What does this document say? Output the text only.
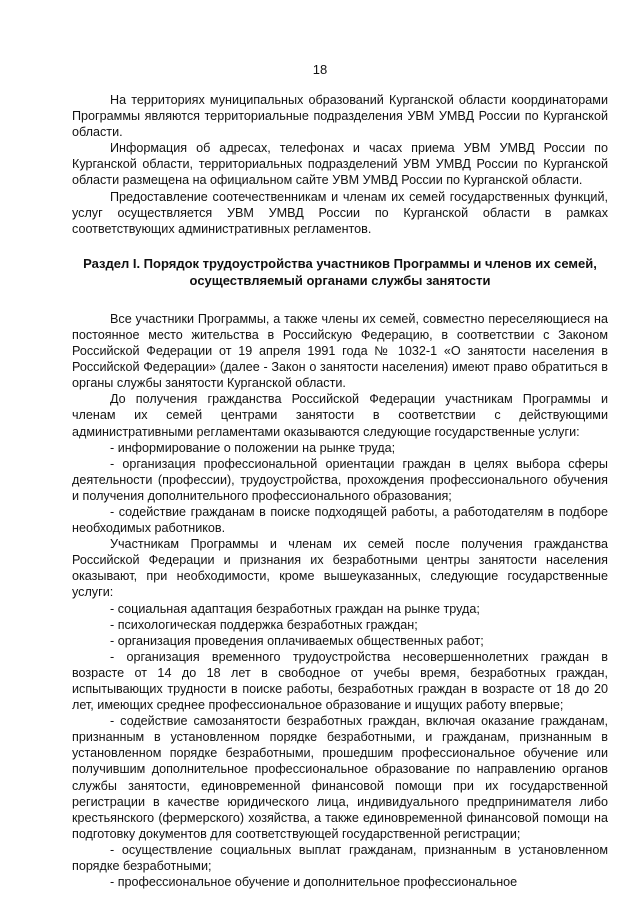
18

На территориях муниципальных образований Курганской области координаторами Программы являются территориальные подразделения УВМ УМВД России по Курганской области.

Информация об адресах, телефонах и часах приема УВМ УМВД России по Курганской области, территориальных подразделений УВМ УМВД России по Курганской области размещена на официальном сайте УВМ УМВД России по Курганской области.

Предоставление соотечественникам и членам их семей государственных функций, услуг осуществляется УВМ УМВД России по Курганской области в рамках соответствующих административных регламентов.

Раздел I. Порядок трудоустройства участников Программы и членов их семей, осуществляемый органами службы занятости

Все участники Программы, а также члены их семей, совместно переселяющиеся на постоянное место жительства в Российскую Федерацию, в соответствии с Законом Российской Федерации от 19 апреля 1991 года № 1032-1 «О занятости населения в Российской Федерации» (далее - Закон о занятости населения) имеют право обратиться в органы службы занятости Курганской области.

До получения гражданства Российской Федерации участникам Программы и членам их семей центрами занятости в соответствии с действующими административными регламентами оказываются следующие государственные услуги:

- информирование о положении на рынке труда;

- организация профессиональной ориентации граждан в целях выбора сферы деятельности (профессии), трудоустройства, прохождения профессионального обучения и получения дополнительного профессионального образования;

- содействие гражданам в поиске подходящей работы, а работодателям в подборе необходимых работников.

Участникам Программы и членам их семей после получения гражданства Российской Федерации и признания их безработными центры занятости населения оказывают, при необходимости, кроме вышеуказанных, следующие государственные услуги:

- социальная адаптация безработных граждан на рынке труда;

- психологическая поддержка безработных граждан;

- организация проведения оплачиваемых общественных работ;

- организация временного трудоустройства несовершеннолетних граждан в возрасте от 14 до 18 лет в свободное от учебы время, безработных граждан, испытывающих трудности в поиске работы, безработных граждан в возрасте от 18 до 20 лет, имеющих среднее профессиональное образование и ищущих работу впервые;

- содействие самозанятости безработных граждан, включая оказание гражданам, признанным в установленном порядке безработными, и гражданам, признанным в установленном порядке безработными, прошедшим профессиональное обучение или получившим дополнительное профессиональное образование по направлению органов службы занятости, единовременной финансовой помощи при их государственной регистрации в качестве юридического лица, индивидуального предпринимателя либо крестьянского (фермерского) хозяйства, а также единовременной финансовой помощи на подготовку документов для соответствующей государственной регистрации;

- осуществление социальных выплат гражданам, признанным в установленном порядке безработными;

- профессиональное обучение и дополнительное профессиональное
